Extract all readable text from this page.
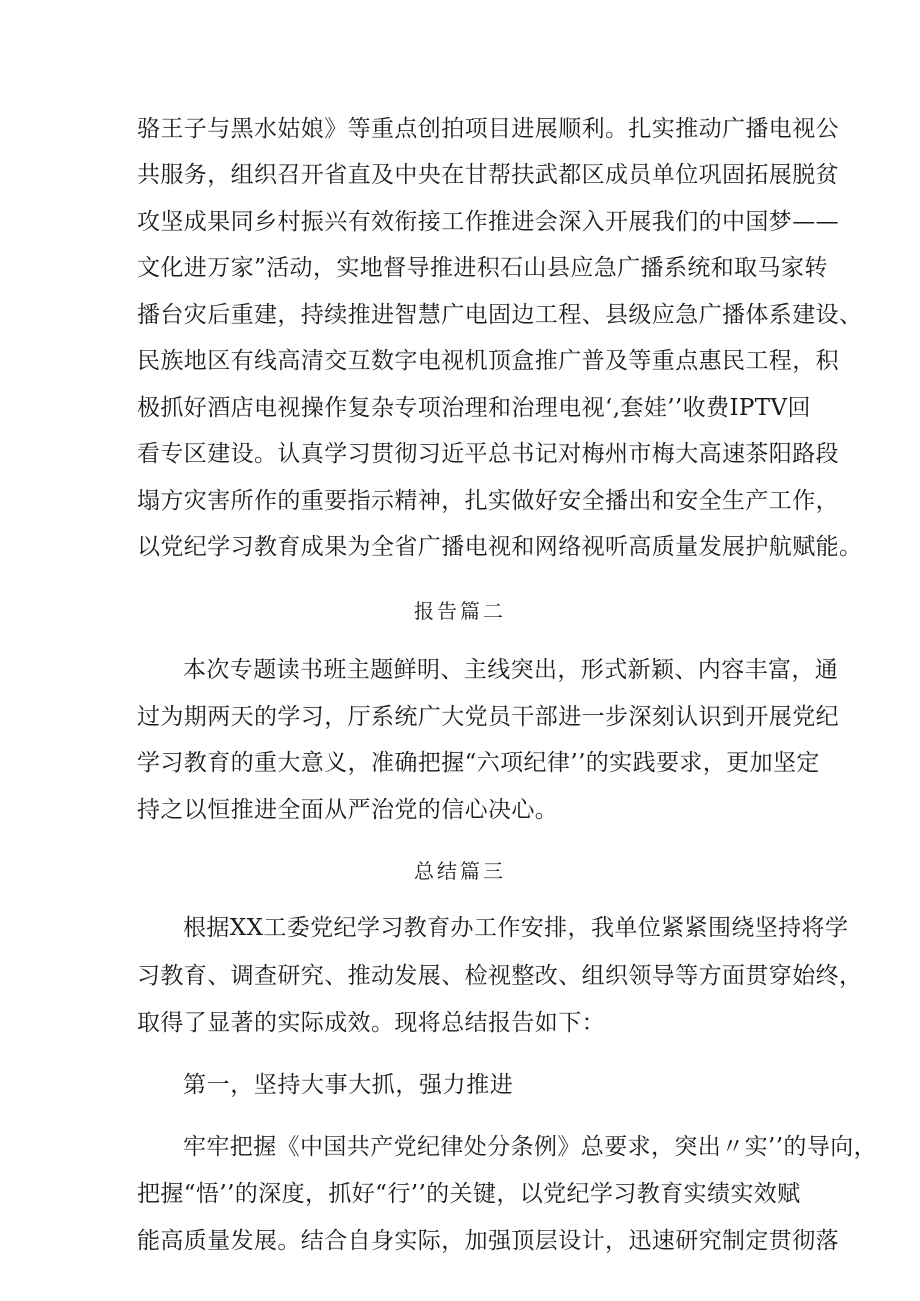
骆王子与黑水姑娘》等重点创拍项目进展顺利。扎实推动广播电视公
共服务，组织召开省直及中央在甘帮扶武都区成员单位巩固拓展脱贫
攻坚成果同乡村振兴有效衔接工作推进会深入开展我们的中国梦——
文化进万家”活动，实地督导推进积石山县应急广播系统和取马家转
播台灾后重建，持续推进智慧广电固边工程、县级应急广播体系建设、
民族地区有线高清交互数字电视机顶盒推广普及等重点惠民工程，积
极抓好酒店电视操作复杂专项治理和治理电视‘,套娃’’收费IPTV回
看专区建设。认真学习贯彻习近平总书记对梅州市梅大高速茶阳路段
塌方灾害所作的重要指示精神，扎实做好安全播出和安全生产工作，
以党纪学习教育成果为全省广播电视和网络视听高质量发展护航赋能。
报告篇二
本次专题读书班主题鲜明、主线突出，形式新颖、内容丰富，通
过为期两天的学习，厅系统广大党员干部进一步深刻认识到开展党纪
学习教育的重大意义，准确把握“六项纪律’’的实践要求，更加坚定
持之以恒推进全面从严治党的信心决心。
总结篇三
根据XX工委党纪学习教育办工作安排，我单位紧紧围绕坚持将学
习教育、调查研究、推动发展、检视整改、组织领导等方面贯穿始终，
取得了显著的实际成效。现将总结报告如下：
第一，坚持大事大抓，强力推进
牢牢把握《中国共产党纪律处分条例》总要求，突出〃实’’的导向，
把握“悟’’的深度，抓好“行’’的关键，以党纪学习教育实绩实效赋
能高质量发展。结合自身实际，加强顶层设计，迅速研究制定贯彻落
